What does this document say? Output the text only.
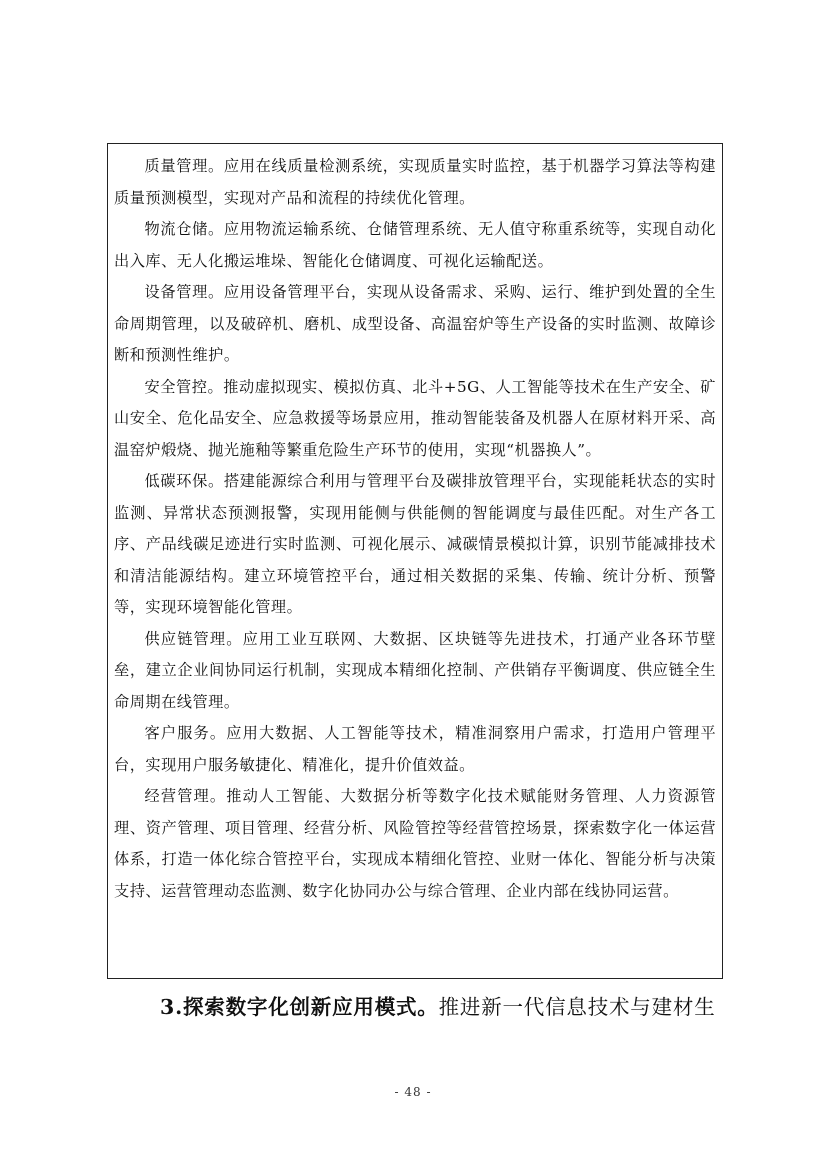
质量管理。应用在线质量检测系统，实现质量实时监控，基于机器学习算法等构建质量预测模型，实现对产品和流程的持续优化管理。

物流仓储。应用物流运输系统、仓储管理系统、无人值守称重系统等，实现自动化出入库、无人化搬运堆垛、智能化仓储调度、可视化运输配送。

设备管理。应用设备管理平台，实现从设备需求、采购、运行、维护到处置的全生命周期管理，以及破碎机、磨机、成型设备、高温窑炉等生产设备的实时监测、故障诊断和预测性维护。

安全管控。推动虚拟现实、模拟仿真、北斗+5G、人工智能等技术在生产安全、矿山安全、危化品安全、应急救援等场景应用，推动智能装备及机器人在原材料开采、高温窑炉煅烧、抛光施釉等繁重危险生产环节的使用，实现“机器换人”。

低碳环保。搭建能源综合利用与管理平台及碳排放管理平台，实现能耗状态的实时监测、异常状态预测报警，实现用能侧与供能侧的智能调度与最佳匹配。对生产各工序、产品线碳足迹进行实时监测、可视化展示、减碳情景模拟计算，识别节能减排技术和清洁能源结构。建立环境管控平台，通过相关数据的采集、传输、统计分析、预警等，实现环境智能化管理。

供应链管理。应用工业互联网、大数据、区块链等先进技术，打通产业各环节壁垒，建立企业间协同运行机制，实现成本精细化控制、产供销存平衡调度、供应链全生命周期在线管理。

客户服务。应用大数据、人工智能等技术，精准洞察用户需求，打造用户管理平台，实现用户服务敏捷化、精准化，提升价值效益。

经营管理。推动人工智能、大数据分析等数字化技术赋能财务管理、人力资源管理、资产管理、项目管理、经营分析、风险管控等经营管控场景，探索数字化一体运营体系，打造一体化综合管控平台，实现成本精细化管控、业财一体化、智能分析与决策支持、运营管理动态监测、数字化协同办公与综合管理、企业内部在线协同运营。

3.探索数字化创新应用模式。推进新一代信息技术与建材生
- 48 -
